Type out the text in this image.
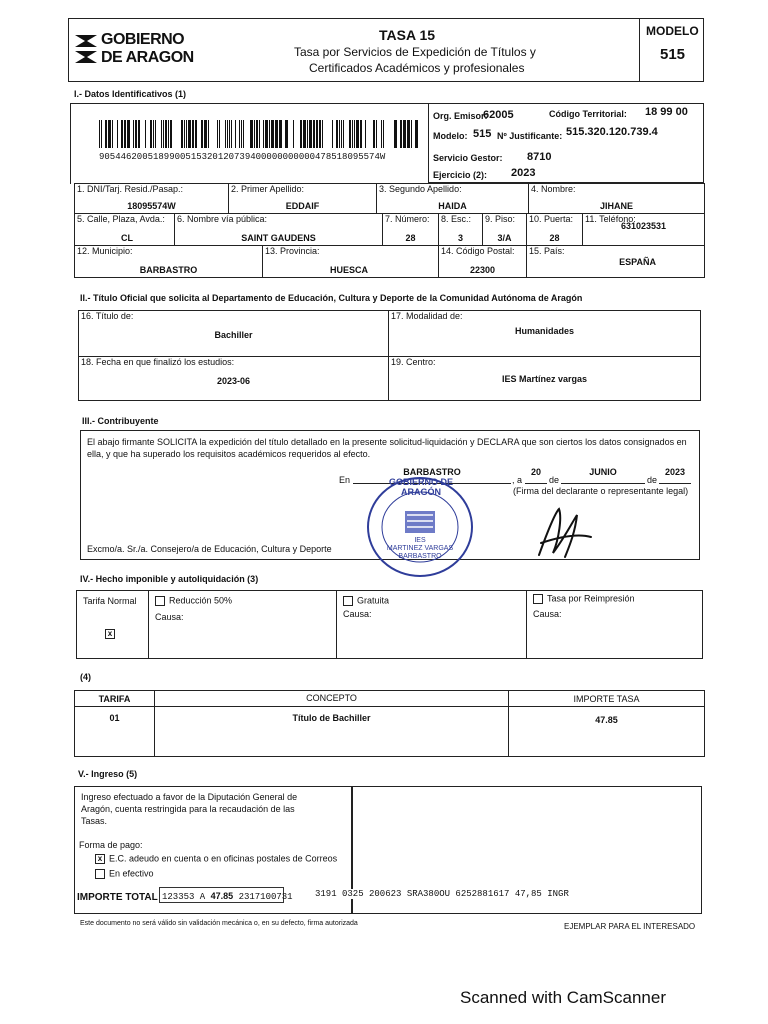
GOBIERNO
DE ARAGON
TASA 15
Tasa por Servicios de Expedición de Títulos y
Certificados Académicos y profesionales
MODELO
515
I.- Datos Identificativos (1)
9054462005189900515320120739400000000000478518095574W
Org. Emisor:
62005	Código Territorial: 18 99 00
Modelo: 515 Nº Justificante: 515.320.120.739.4
Servicio Gestor: 8710
Ejercicio (2): 2023
1. DNI/Tarj. Resid./Pasap.:
18095574W
2. Primer Apellido:
EDDAIF
3. Segundo Apellido:
HAIDA
4. Nombre:
JIHANE
5. Calle, Plaza, Avda.:
CL
6. Nombre vía pública:
SAINT GAUDENS
7. Número:
28
8. Esc.:
3
9. Piso:
3/A
10. Puerta:
28
11. Teléfono:
631023531
12. Municipio:
BARBASTRO
13. Provincia:
HUESCA
14. Código Postal:
22300
15. País:
ESPAÑA
II.- Título Oficial que solicita al Departamento de Educación, Cultura y Deporte de la Comunidad Autónoma de Aragón
16. Título de:
Bachiller
17. Modalidad de:
Humanidades
18. Fecha en que finalizó los estudios:
2023-06
19. Centro:
IES Martínez vargas
III.- Contribuyente
El abajo firmante SOLICITA la expedición del título detallado en la presente solicitud-liquidación y DECLARA que son ciertos los datos consignados en ella, y que ha superado los requisitos académicos requeridos al efecto.
En
BARBASTRO
, a
20
de
JUNIO
de
2023
(Firma del declarante o representante legal)
Excmo/a. Sr./a. Consejero/a de Educación, Cultura y Deporte
GOBIERNO DE ARAGÓN
IES
MARTINEZ VARGAS
BARBASTRO
IV.- Hecho imponible y autoliquidación (3)
Tarifa Normal
x
Reducción 50%
Causa:
Gratuita
Causa:
Tasa por Reimpresión
Causa:
(4)
TARIFA	CONCEPTO	IMPORTE TASA
01	Título de Bachiller	47.85
V.- Ingreso (5)
Ingreso efectuado a favor de la Diputación General de
Aragón, cuenta restringida para la recaudación de las
Tasas.
Forma de pago:
x E.C. adeudo en cuenta o en oficinas postales de Correos
En efectivo
IMPORTE TOTAL 123353 A 47.85 2317100731 3191 0325 200623 SRA380OU 6252881617 47,85 INGR
Este documento no será válido sin validación mecánica o, en su defecto, firma autorizada	EJEMPLAR PARA EL INTERESADO
Scanned with CamScanner
